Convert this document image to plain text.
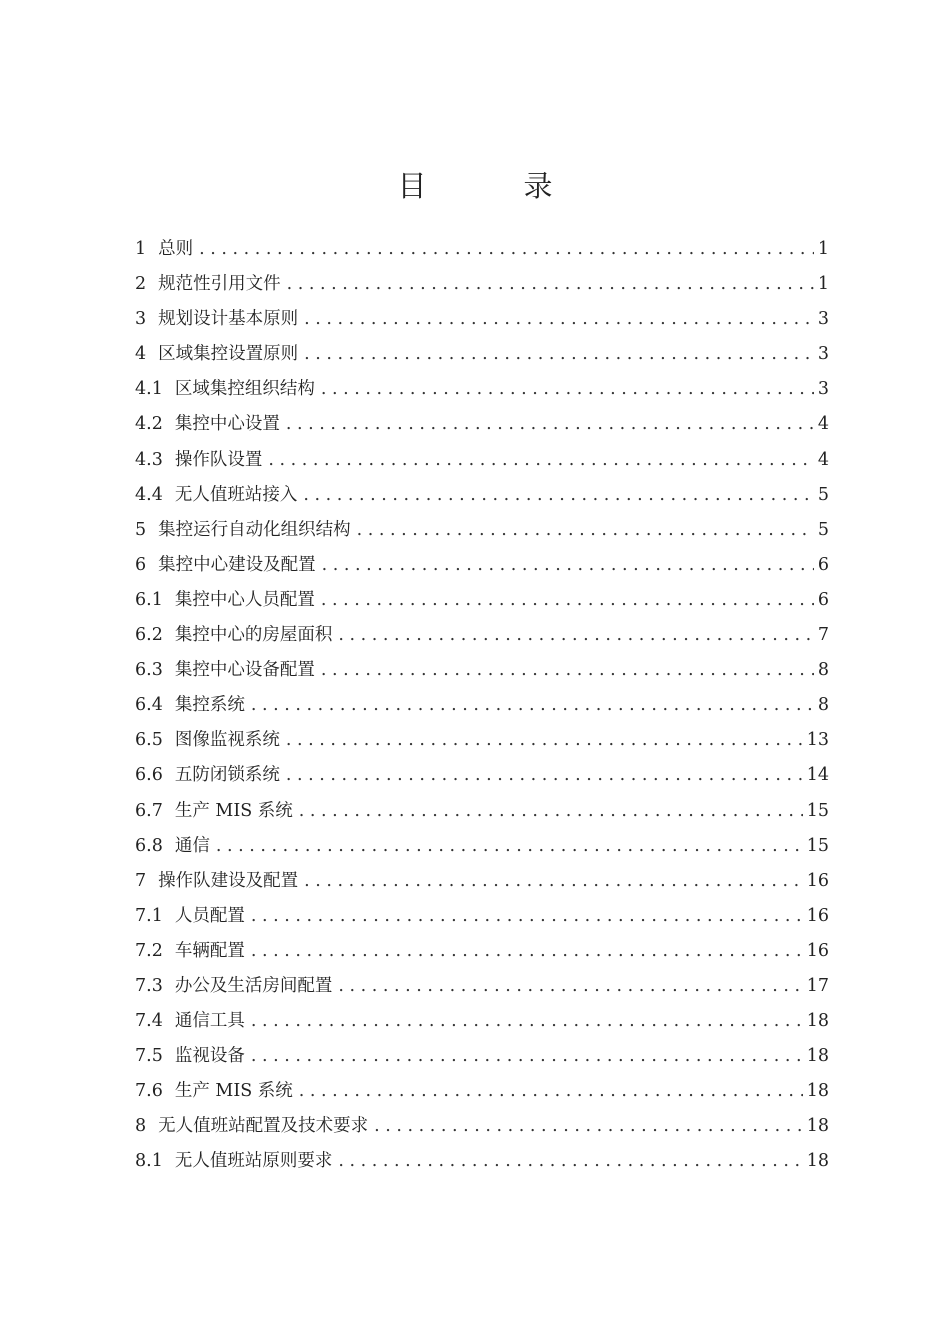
目　录
1 总则 . . .	1
2 规范性引用文件 . . .	1
3 规划设计基本原则 . . .	3
4 区域集控设置原则 . . .	3
4.1 区域集控组织结构 . . .	3
4.2 集控中心设置 . . .	4
4.3 操作队设置 . . .	4
4.4 无人值班站接入 . . .	5
5 集控运行自动化组织结构 . . .	5
6 集控中心建设及配置 . . .	6
6.1 集控中心人员配置 . . .	6
6.2 集控中心的房屋面积 . . .	7
6.3 集控中心设备配置 . . .	8
6.4 集控系统 . . .	8
6.5 图像监视系统 . . .	13
6.6 五防闭锁系统 . . .	14
6.7 生产 MIS 系统 . . .	15
6.8 通信 . . .	15
7 操作队建设及配置 . . .	16
7.1 人员配置 . . .	16
7.2 车辆配置 . . .	16
7.3 办公及生活房间配置 . . .	17
7.4 通信工具 . . .	18
7.5 监视设备 . . .	18
7.6 生产 MIS 系统 . . .	18
8 无人值班站配置及技术要求 . . .	18
8.1 无人值班站原则要求 . . .	18
